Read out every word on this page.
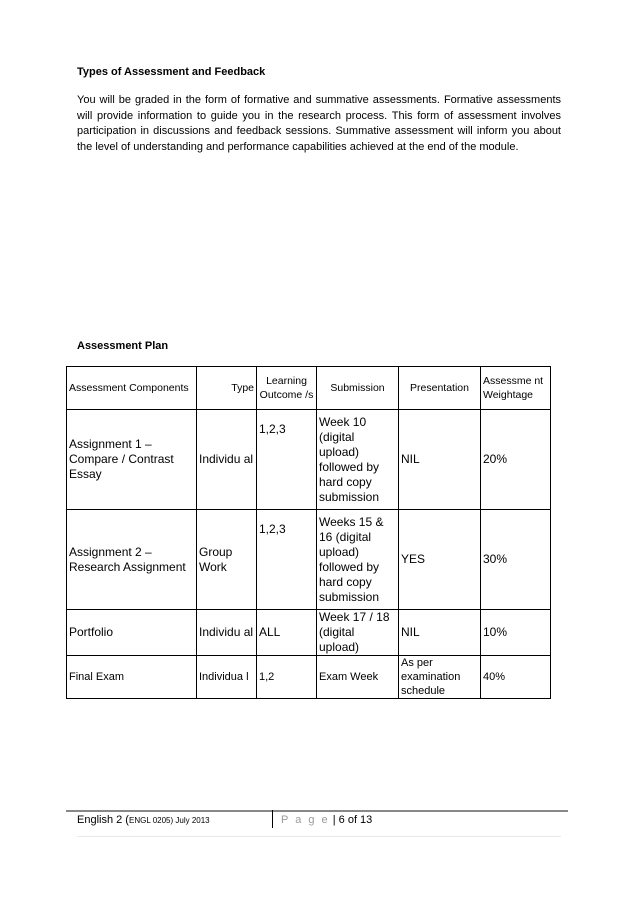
Types of Assessment and Feedback

You will be graded in the form of formative and summative assessments. Formative assessments will provide information to guide you in the research process. This form of assessment involves participation in discussions and feedback sessions. Summative assessment will inform you about the level of understanding and performance capabilities achieved at the end of the module.

Assessment Plan
Assessment Components	Type	Learning Outcome /s	Submission	Presentation	Assessme nt Weightage
Assignment 1 – Compare / Contrast Essay	Individu al	1,2,3	Week 10 (digital upload) followed by hard copy submission	NIL	20%
Assignment 2 – Research Assignment	Group Work	1,2,3	Weeks 15 & 16 (digital upload) followed by hard copy submission	YES	30%
Portfolio	Individu al	ALL	Week 17 / 18 (digital upload)	NIL	10%
Final Exam	Individua l	1,2	Exam Week	As per examination schedule	40%
English 2 (ENGL 0205) July 2013	P a g e | 6 of 13
